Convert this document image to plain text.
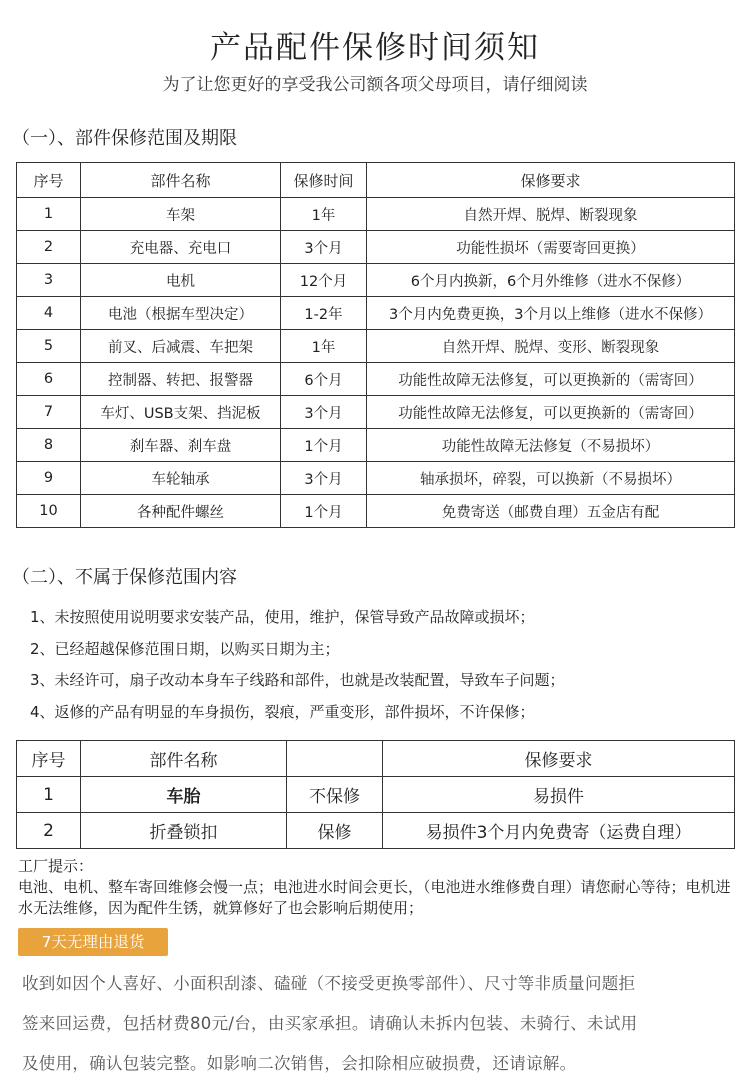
产品配件保修时间须知
为了让您更好的享受我公司额各项父母项目，请仔细阅读
（一）、部件保修范围及期限
序号	部件名称	保修时间	保修要求
1	车架	1年	自然开焊、脱焊、断裂现象
2	充电器、充电口	3个月	功能性损坏（需要寄回更换）
3	电机	12个月	6个月内换新，6个月外维修（进水不保修）
4	电池（根据车型决定）	1-2年	3个月内免费更换，3个月以上维修（进水不保修）
5	前叉、后减震、车把架	1年	自然开焊、脱焊、变形、断裂现象
6	控制器、转把、报警器	6个月	功能性故障无法修复，可以更换新的（需寄回）
7	车灯、USB支架、挡泥板	3个月	功能性故障无法修复，可以更换新的（需寄回）
8	刹车器、刹车盘	1个月	功能性故障无法修复（不易损坏）
9	车轮轴承	3个月	轴承损坏，碎裂，可以换新（不易损坏）
10	各种配件螺丝	1个月	免费寄送（邮费自理）五金店有配
（二）、不属于保修范围内容
1、未按照使用说明要求安装产品，使用，维护，保管导致产品故障或损坏；
2、已经超越保修范围日期，以购买日期为主；
3、未经许可，扇子改动本身车子线路和部件，也就是改装配置，导致车子问题；
4、返修的产品有明显的车身损伤，裂痕，严重变形，部件损坏，不许保修；
序号	部件名称		保修要求
1	车胎	不保修	易损件
2	折叠锁扣	保修	易损件3个月内免费寄（运费自理）
工厂提示：
电池、电机、整车寄回维修会慢一点；电池进水时间会更长，（电池进水维修费自理）请您耐心等待；电机进水无法维修，因为配件生锈，就算修好了也会影响后期使用；
7天无理由退货

收到如因个人喜好、小面积刮漆、磕碰（不接受更换零部件）、尺寸等非质量问题拒

签来回运费，包括材费80元/台，由买家承担。请确认未拆内包装、未骑行、未试用

及使用，确认包装完整。如影响二次销售，会扣除相应破损费，还请谅解。
